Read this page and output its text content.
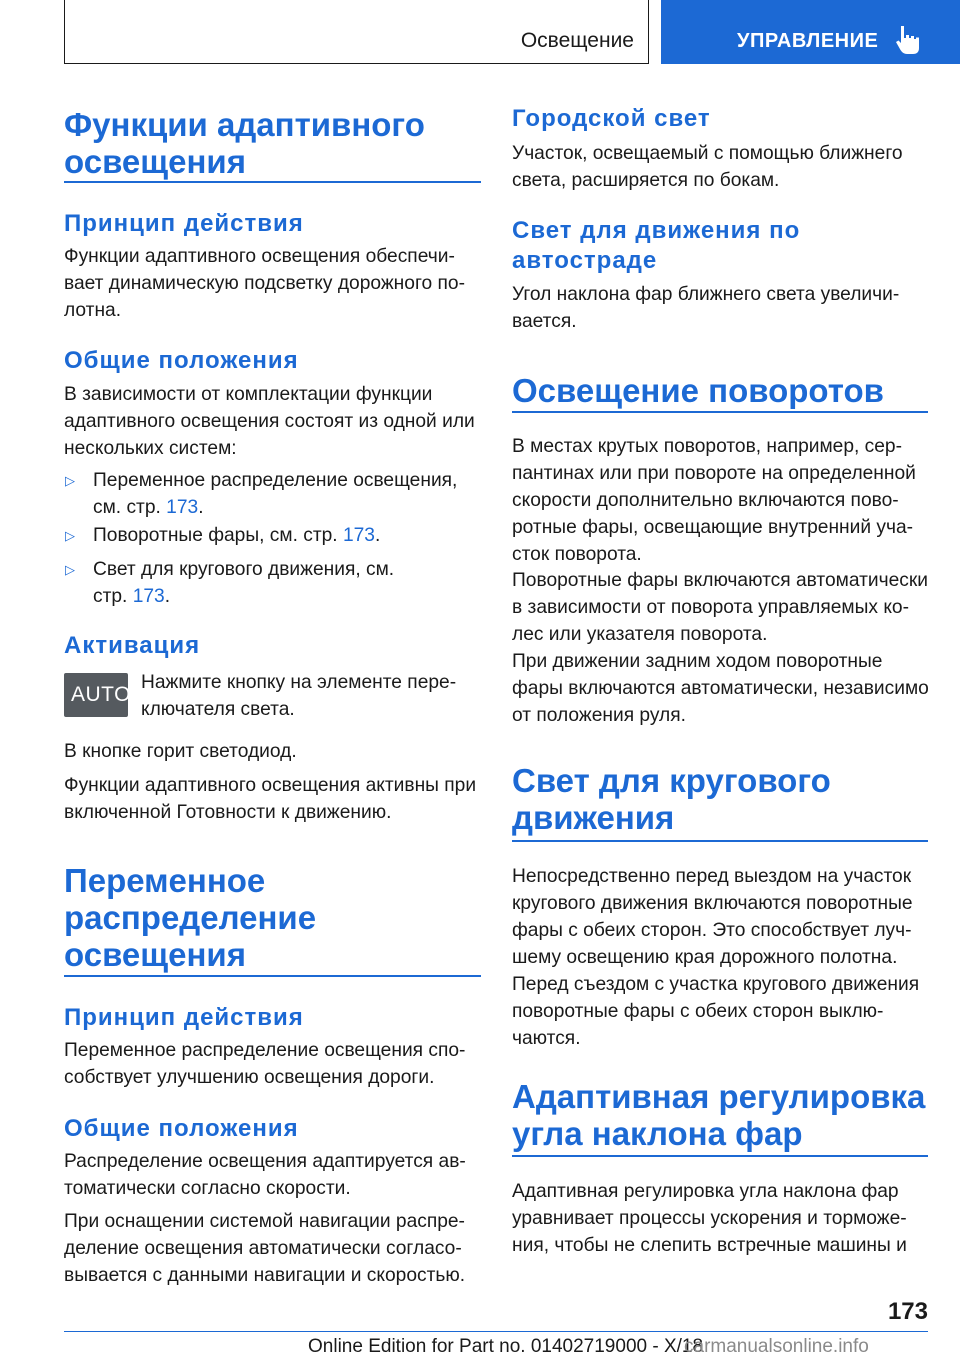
Освещение	УПРАВЛЕНИЕ
Функции адаптивного
освещения
Принцип действия
Функции адаптивного освещения обеспечи-
вает динамическую подсветку дорожного по-
лотна.
Общие положения
В зависимости от комплектации функции
адаптивного освещения состоят из одной или
нескольких систем:
▷ Переменное распределение освещения,
см. стр. 173.
▷ Поворотные фары, см. стр. 173.
▷ Свет для кругового движения, см.
стр. 173.
Активация
AUTO
Нажмите кнопку на элементе пере-
ключателя света.
В кнопке горит светодиод.
Функции адаптивного освещения активны при
включенной Готовности к движению.
Переменное
распределение
освещения
Принцип действия
Переменное распределение освещения спо-
собствует улучшению освещения дороги.
Общие положения
Распределение освещения адаптируется ав-
томатически согласно скорости.
При оснащении системой навигации распре-
деление освещения автоматически согласо-
вывается с данными навигации и скоростью.
Городской свет
Участок, освещаемый с помощью ближнего
света, расширяется по бокам.
Свет для движения по
автостраде
Угол наклона фар ближнего света увеличи-
вается.
Освещение поворотов
В местах крутых поворотов, например, сер-
пантинах или при повороте на определенной
скорости дополнительно включаются пово-
ротные фары, освещающие внутренний уча-
сток поворота.
Поворотные фары включаются автоматически
в зависимости от поворота управляемых ко-
лес или указателя поворота.
При движении задним ходом поворотные
фары включаются автоматически, независимо
от положения руля.
Свет для кругового
движения
Непосредственно перед выездом на участок
кругового движения включаются поворотные
фары с обеих сторон. Это способствует луч-
шему освещению края дорожного полотна.
Перед съездом с участка кругового движения
поворотные фары с обеих сторон выклю-
чаются.
Адаптивная регулировка
угла наклона фар
Адаптивная регулировка угла наклона фар
уравнивает процессы ускорения и торможе-
ния, чтобы не слепить встречные машины и
173
Online Edition for Part no. 01402719000 - X/18
carmanualsonline.info
